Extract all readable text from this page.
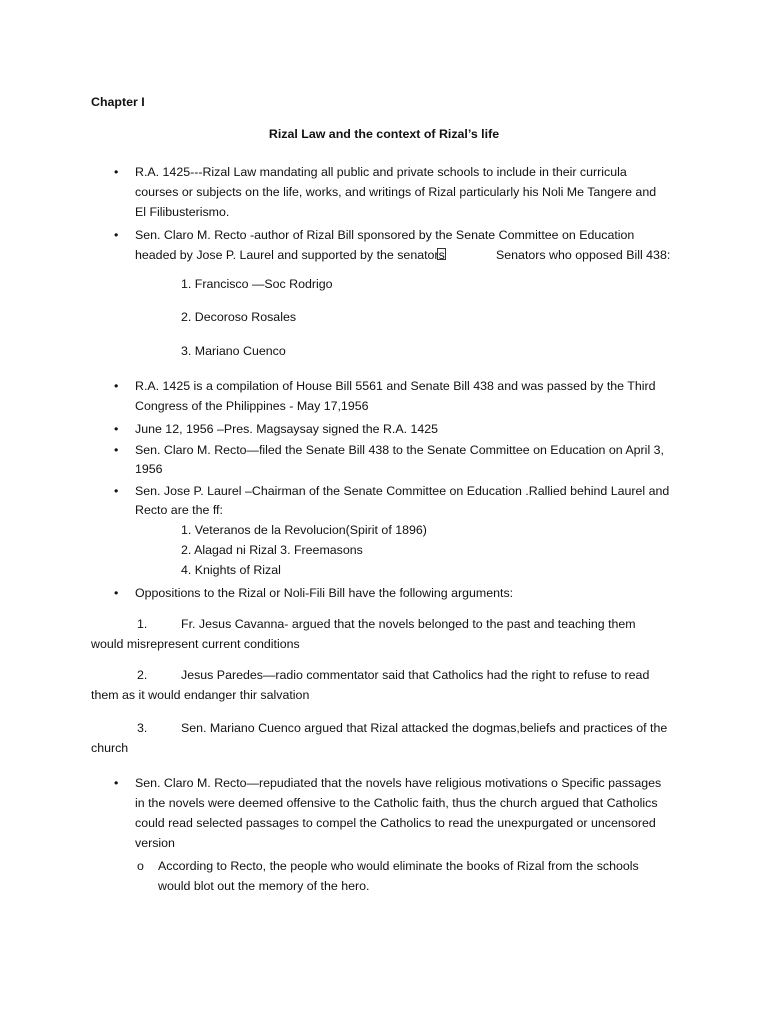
Chapter I
Rizal Law and the context of Rizal’s life
• R.A. 1425---Rizal Law mandating all public and private schools to include in their curricula
courses or subjects on the life, works, and writings of Rizal particularly his Noli Me Tangere and
El Filibusterismo.
• Sen. Claro M. Recto -author of Rizal Bill sponsored by the Senate Committee on Education
headed by Jose P. Laurel and supported by the senators	Senators who opposed Bill 438:
1. Francisco —Soc Rodrigo
2. Decoroso Rosales
3. Mariano Cuenco
• R.A. 1425 is a compilation of House Bill 5561 and Senate Bill 438 and was passed by the Third
Congress of the Philippines - May 17,1956
• June 12, 1956 –Pres. Magsaysay signed the R.A. 1425
• Sen. Claro M. Recto—filed the Senate Bill 438 to the Senate Committee on Education on April 3,
1956
• Sen. Jose P. Laurel –Chairman of the Senate Committee on Education .Rallied behind Laurel and
Recto are the ff:
1. Veteranos de la Revolucion(Spirit of 1896)
2. Alagad ni Rizal 3. Freemasons
4. Knights of Rizal
• Oppositions to the Rizal or Noli-Fili Bill have the following arguments:
1.	Fr. Jesus Cavanna- argued that the novels belonged to the past and teaching them
would misrepresent current conditions
2.	Jesus Paredes—radio commentator said that Catholics had the right to refuse to read
them as it would endanger thir salvation
3.	Sen. Mariano Cuenco argued that Rizal attacked the dogmas,beliefs and practices of the
church
• Sen. Claro M. Recto—repudiated that the novels have religious motivations o Specific passages
in the novels were deemed offensive to the Catholic faith, thus the church argued that Catholics
could read selected passages to compel the Catholics to read the unexpurgated or uncensored
version
o According to Recto, the people who would eliminate the books of Rizal from the schools
would blot out the memory of the hero.
